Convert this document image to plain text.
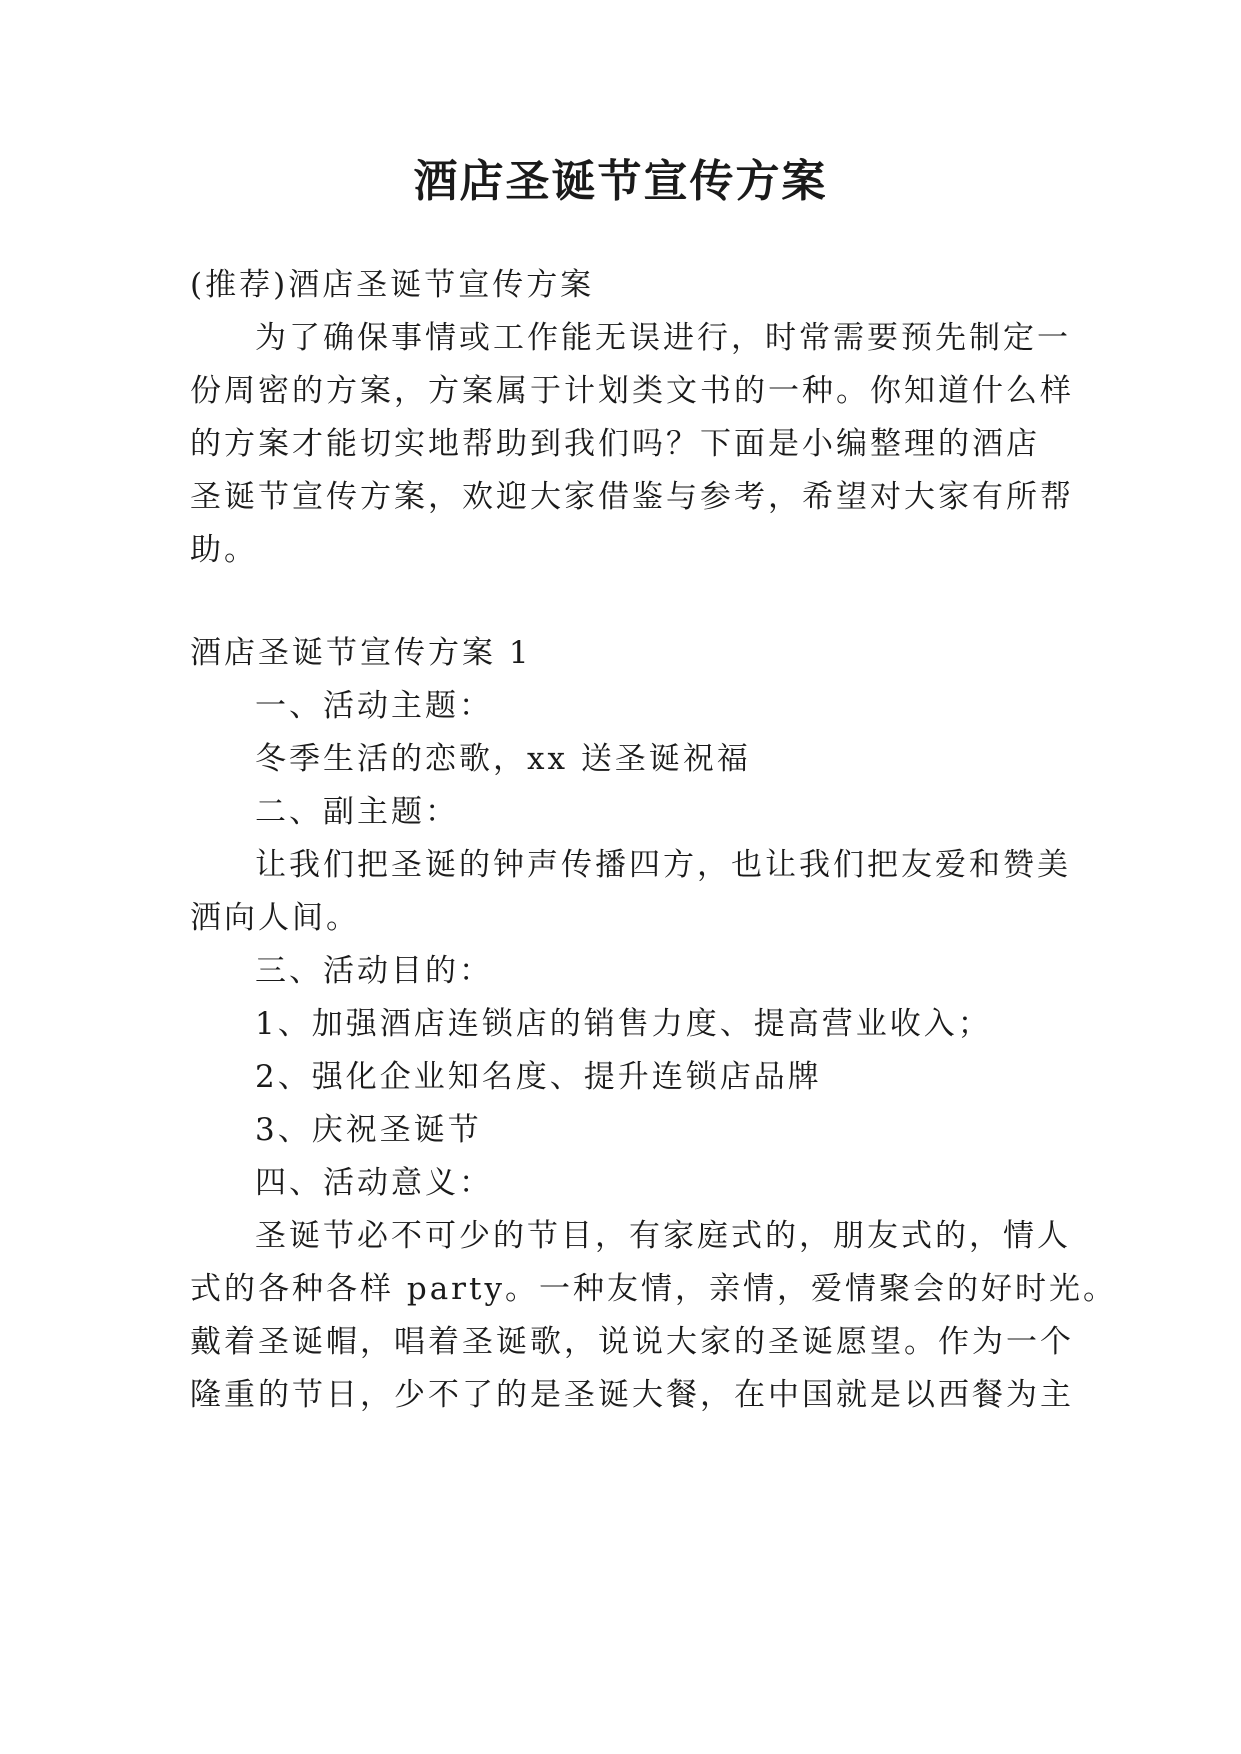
酒店圣诞节宣传方案
(推荐)酒店圣诞节宣传方案
为了确保事情或工作能无误进行，时常需要预先制定一
份周密的方案，方案属于计划类文书的一种。你知道什么样
的方案才能切实地帮助到我们吗？下面是小编整理的酒店
圣诞节宣传方案，欢迎大家借鉴与参考，希望对大家有所帮
助。
酒店圣诞节宣传方案 1
一、活动主题：
冬季生活的恋歌，xx 送圣诞祝福
二、副主题：
让我们把圣诞的钟声传播四方，也让我们把友爱和赞美
洒向人间。
三、活动目的：
1、加强酒店连锁店的销售力度、提高营业收入；
2、强化企业知名度、提升连锁店品牌
3、庆祝圣诞节
四、活动意义：
圣诞节必不可少的节目，有家庭式的，朋友式的，情人
式的各种各样 party。一种友情，亲情，爱情聚会的好时光。
戴着圣诞帽，唱着圣诞歌，说说大家的圣诞愿望。作为一个
隆重的节日，少不了的是圣诞大餐，在中国就是以西餐为主
